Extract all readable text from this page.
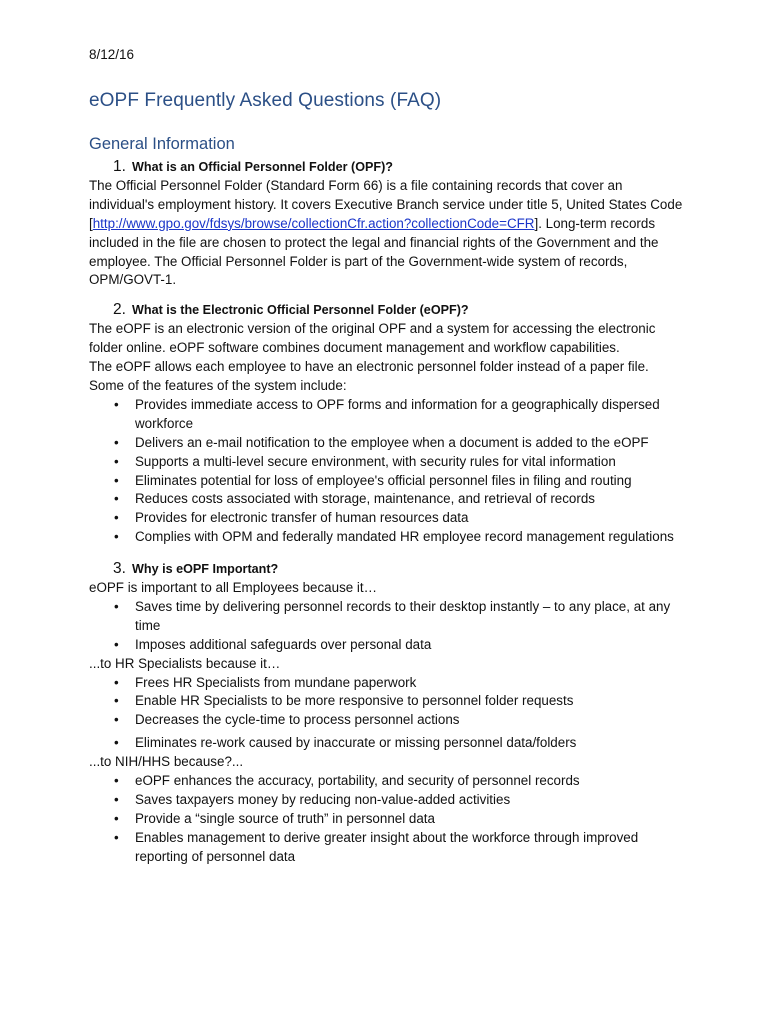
8/12/16
eOPF Frequently Asked Questions (FAQ)
General Information
1. What is an Official Personnel Folder (OPF)?

The Official Personnel Folder (Standard Form 66) is a file containing records that cover an individual's employment history. It covers Executive Branch service under title 5, United States Code [http://www.gpo.gov/fdsys/browse/collectionCfr.action?collectionCode=CFR]. Long-term records included in the file are chosen to protect the legal and financial rights of the Government and the employee. The Official Personnel Folder is part of the Government-wide system of records, OPM/GOVT-1.

2. What is the Electronic Official Personnel Folder (eOPF)?

The eOPF is an electronic version of the original OPF and a system for accessing the electronic folder online. eOPF software combines document management and workflow capabilities.

The eOPF allows each employee to have an electronic personnel folder instead of a paper file.

Some of the features of the system include:

• Provides immediate access to OPF forms and information for a geographically dispersed workforce
• Delivers an e-mail notification to the employee when a document is added to the eOPF
• Supports a multi-level secure environment, with security rules for vital information
• Eliminates potential for loss of employee's official personnel files in filing and routing
• Reduces costs associated with storage, maintenance, and retrieval of records
• Provides for electronic transfer of human resources data
• Complies with OPM and federally mandated HR employee record management regulations
3. Why is eOPF Important?

eOPF is important to all Employees because it…

• Saves time by delivering personnel records to their desktop instantly – to any place, at any time
• Imposes additional safeguards over personal data

...to HR Specialists because it…

• Frees HR Specialists from mundane paperwork
• Enable HR Specialists to be more responsive to personnel folder requests
• Decreases the cycle-time to process personnel actions
• Eliminates re-work caused by inaccurate or missing personnel data/folders

...to NIH/HHS because?...

• eOPF enhances the accuracy, portability, and security of personnel records
• Saves taxpayers money by reducing non-value-added activities
• Provide a “single source of truth” in personnel data
• Enables management to derive greater insight about the workforce through improved reporting of personnel data
